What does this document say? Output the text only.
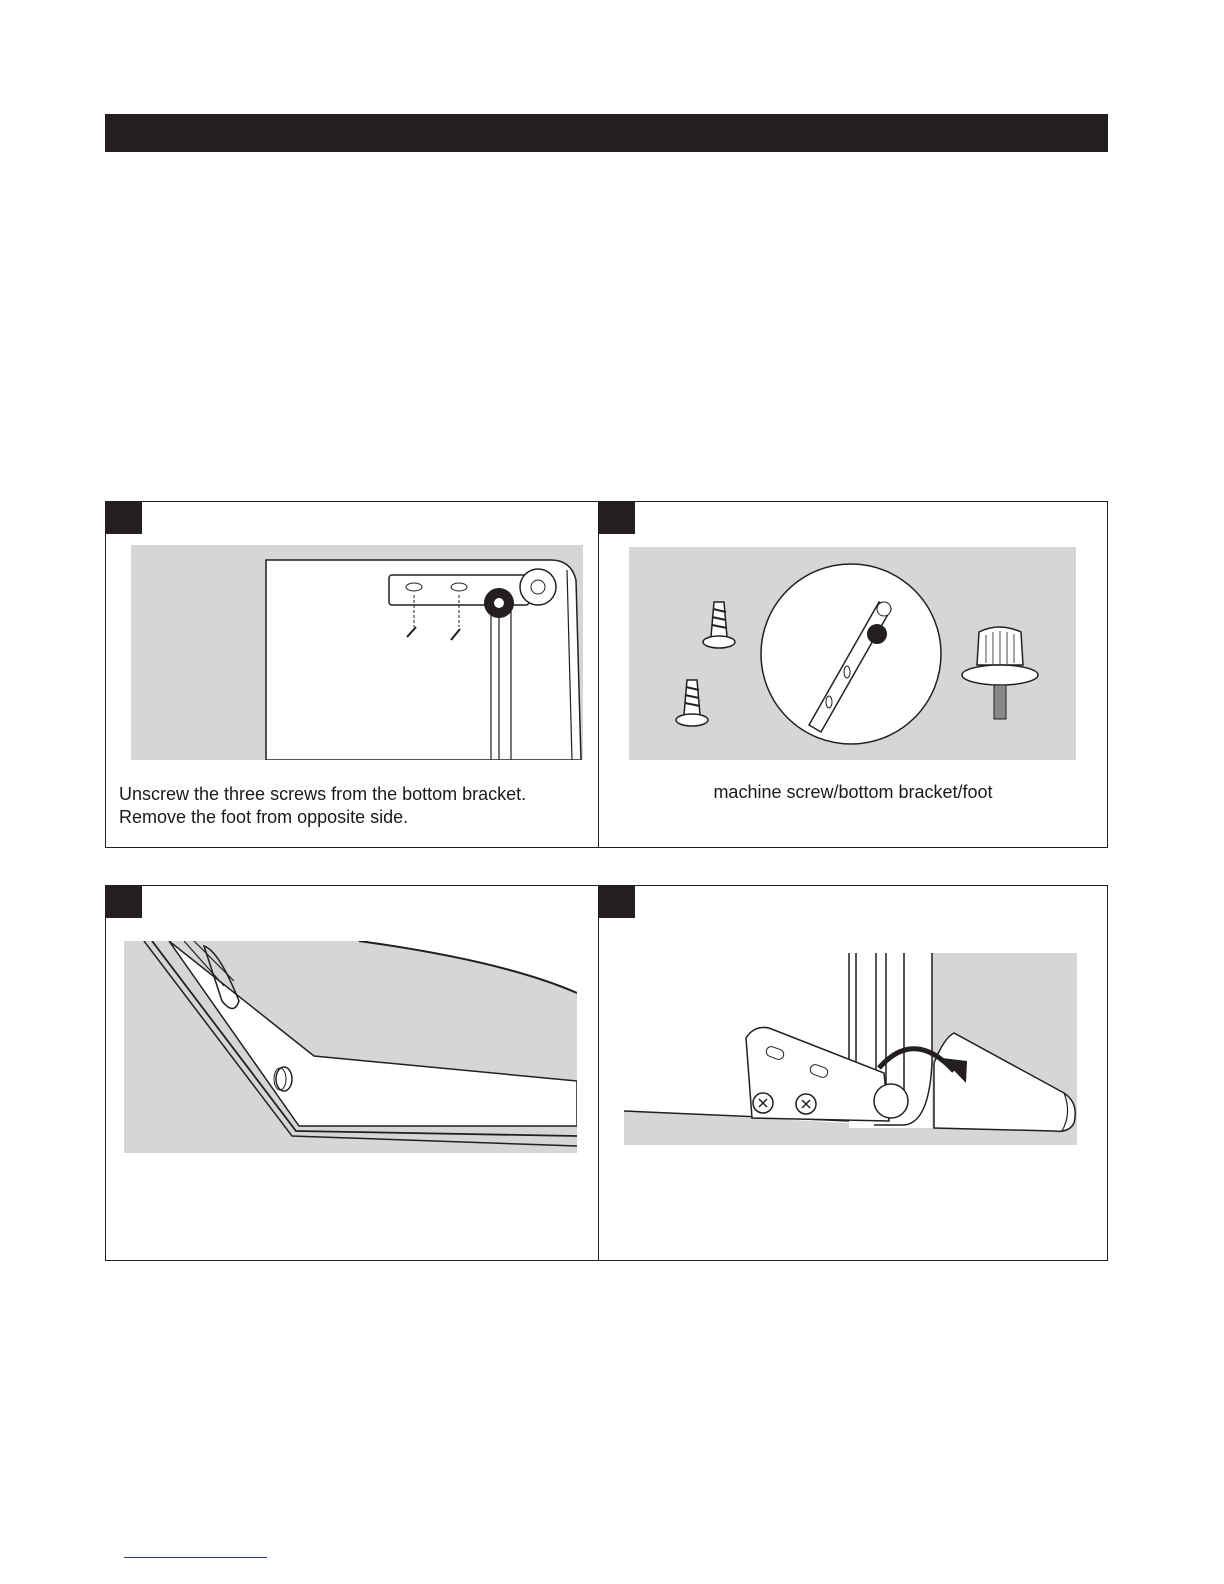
Unscrew the three screws from the bottom bracket.
Remove the foot from opposite side.
machine screw/bottom bracket/foot
